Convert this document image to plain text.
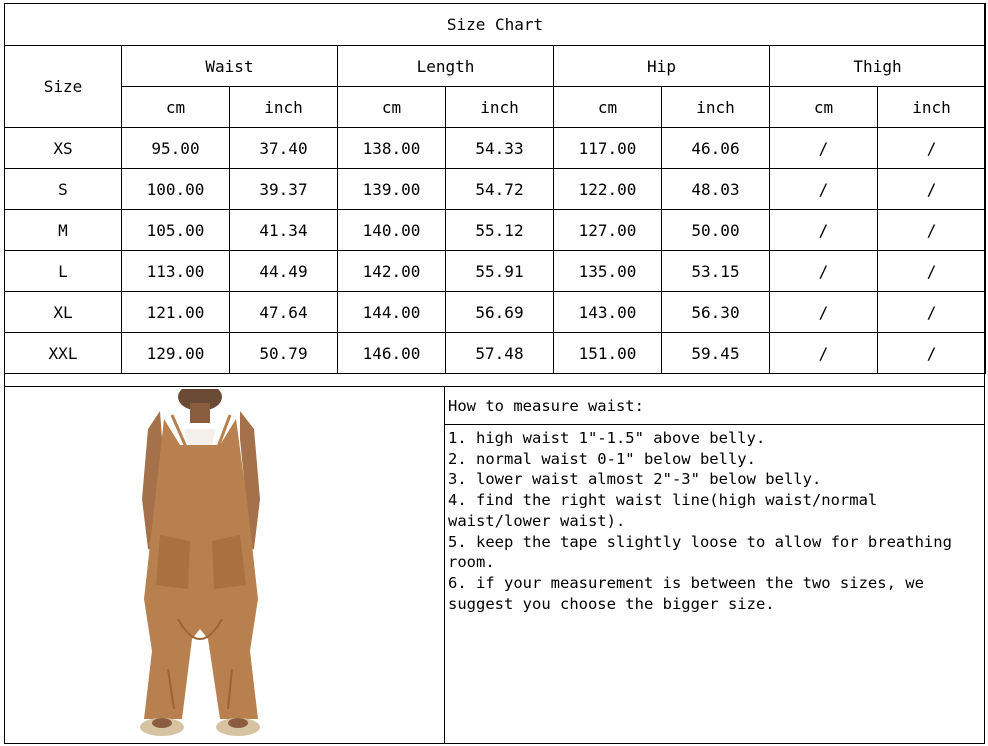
Size Chart								
Size	Waist		Length		Hip		Thigh	
	cm	inch	cm	inch	cm	inch	cm	inch
XS	95.00	37.40	138.00	54.33	117.00	46.06	/	/
S	100.00	39.37	139.00	54.72	122.00	48.03	/	/
M	105.00	41.34	140.00	55.12	127.00	50.00	/	/
L	113.00	44.49	142.00	55.91	135.00	53.15	/	/
XL	121.00	47.64	144.00	56.69	143.00	56.30	/	/
XXL	129.00	50.79	146.00	57.48	151.00	59.45	/	/
How to measure waist:

1. high waist 1"-1.5" above belly.

2. normal waist 0-1" below belly.

3. lower waist almost 2"-3" below belly.

4. find the right waist line(high waist/normal waist/lower waist).

5. keep the tape slightly loose to allow for breathing room.

6. if your measurement is between the two sizes, we suggest you choose the bigger size.
